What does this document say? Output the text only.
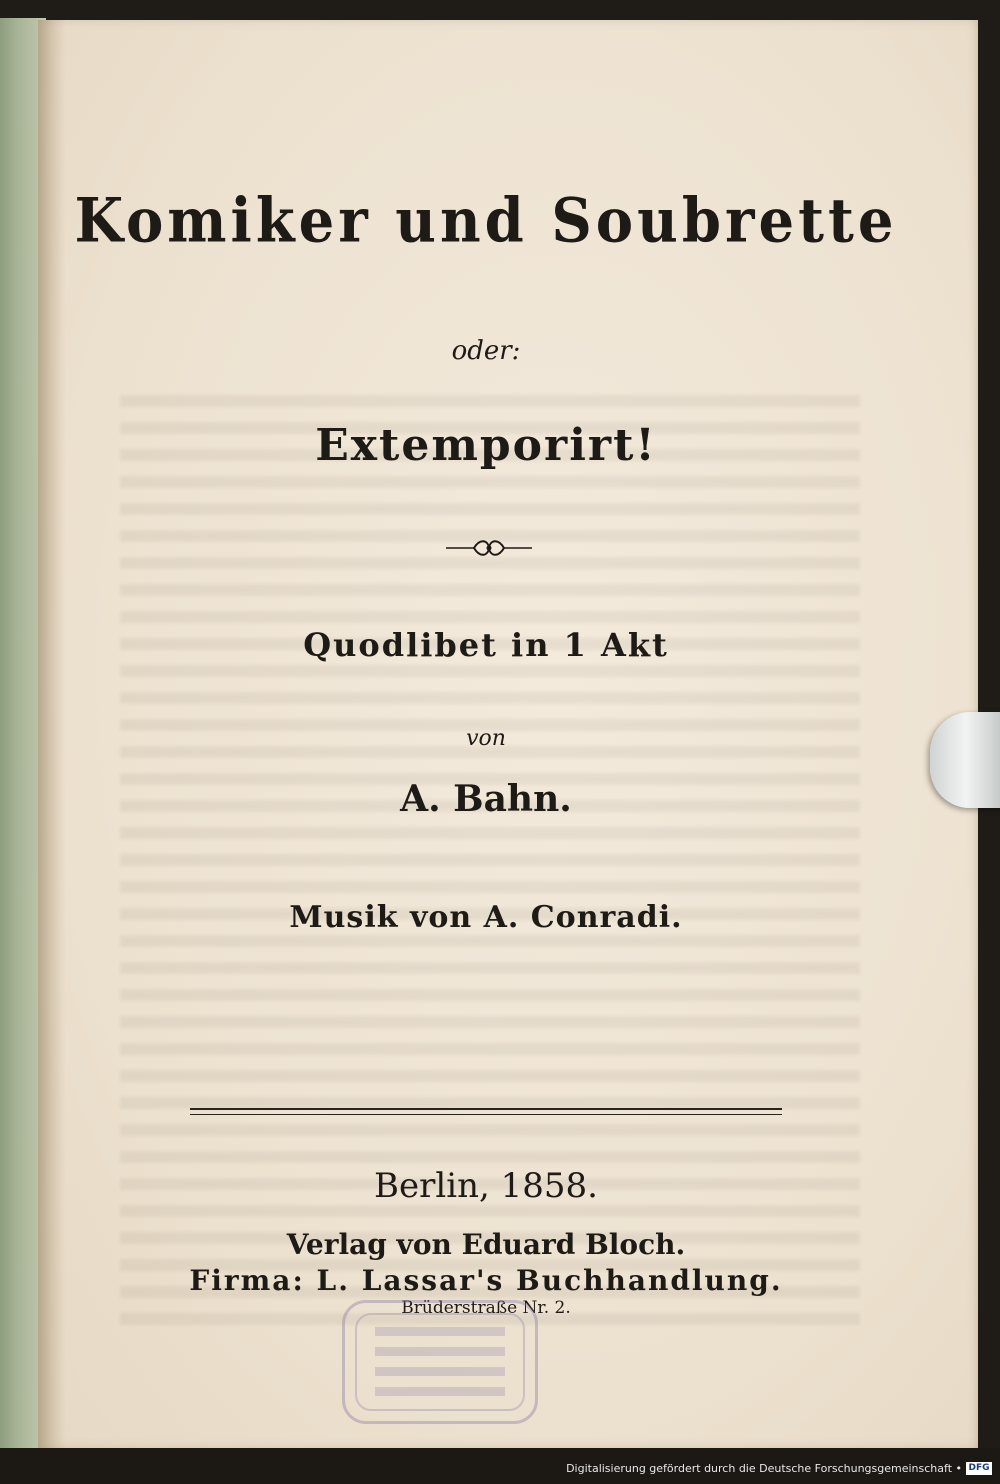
Komiker und Soubrette
oder:
Extemporirt!
Quodlibet in 1 Akt
von
A. Bahn.
Musik von A. Conradi.
Berlin, 1858.
Verlag von Eduard Bloch.
Firma: L. Lassar's Buchhandlung.
Brüderstraße Nr. 2.
Digitalisierung gefördert durch die Deutsche Forschungsgemeinschaft • DFG
